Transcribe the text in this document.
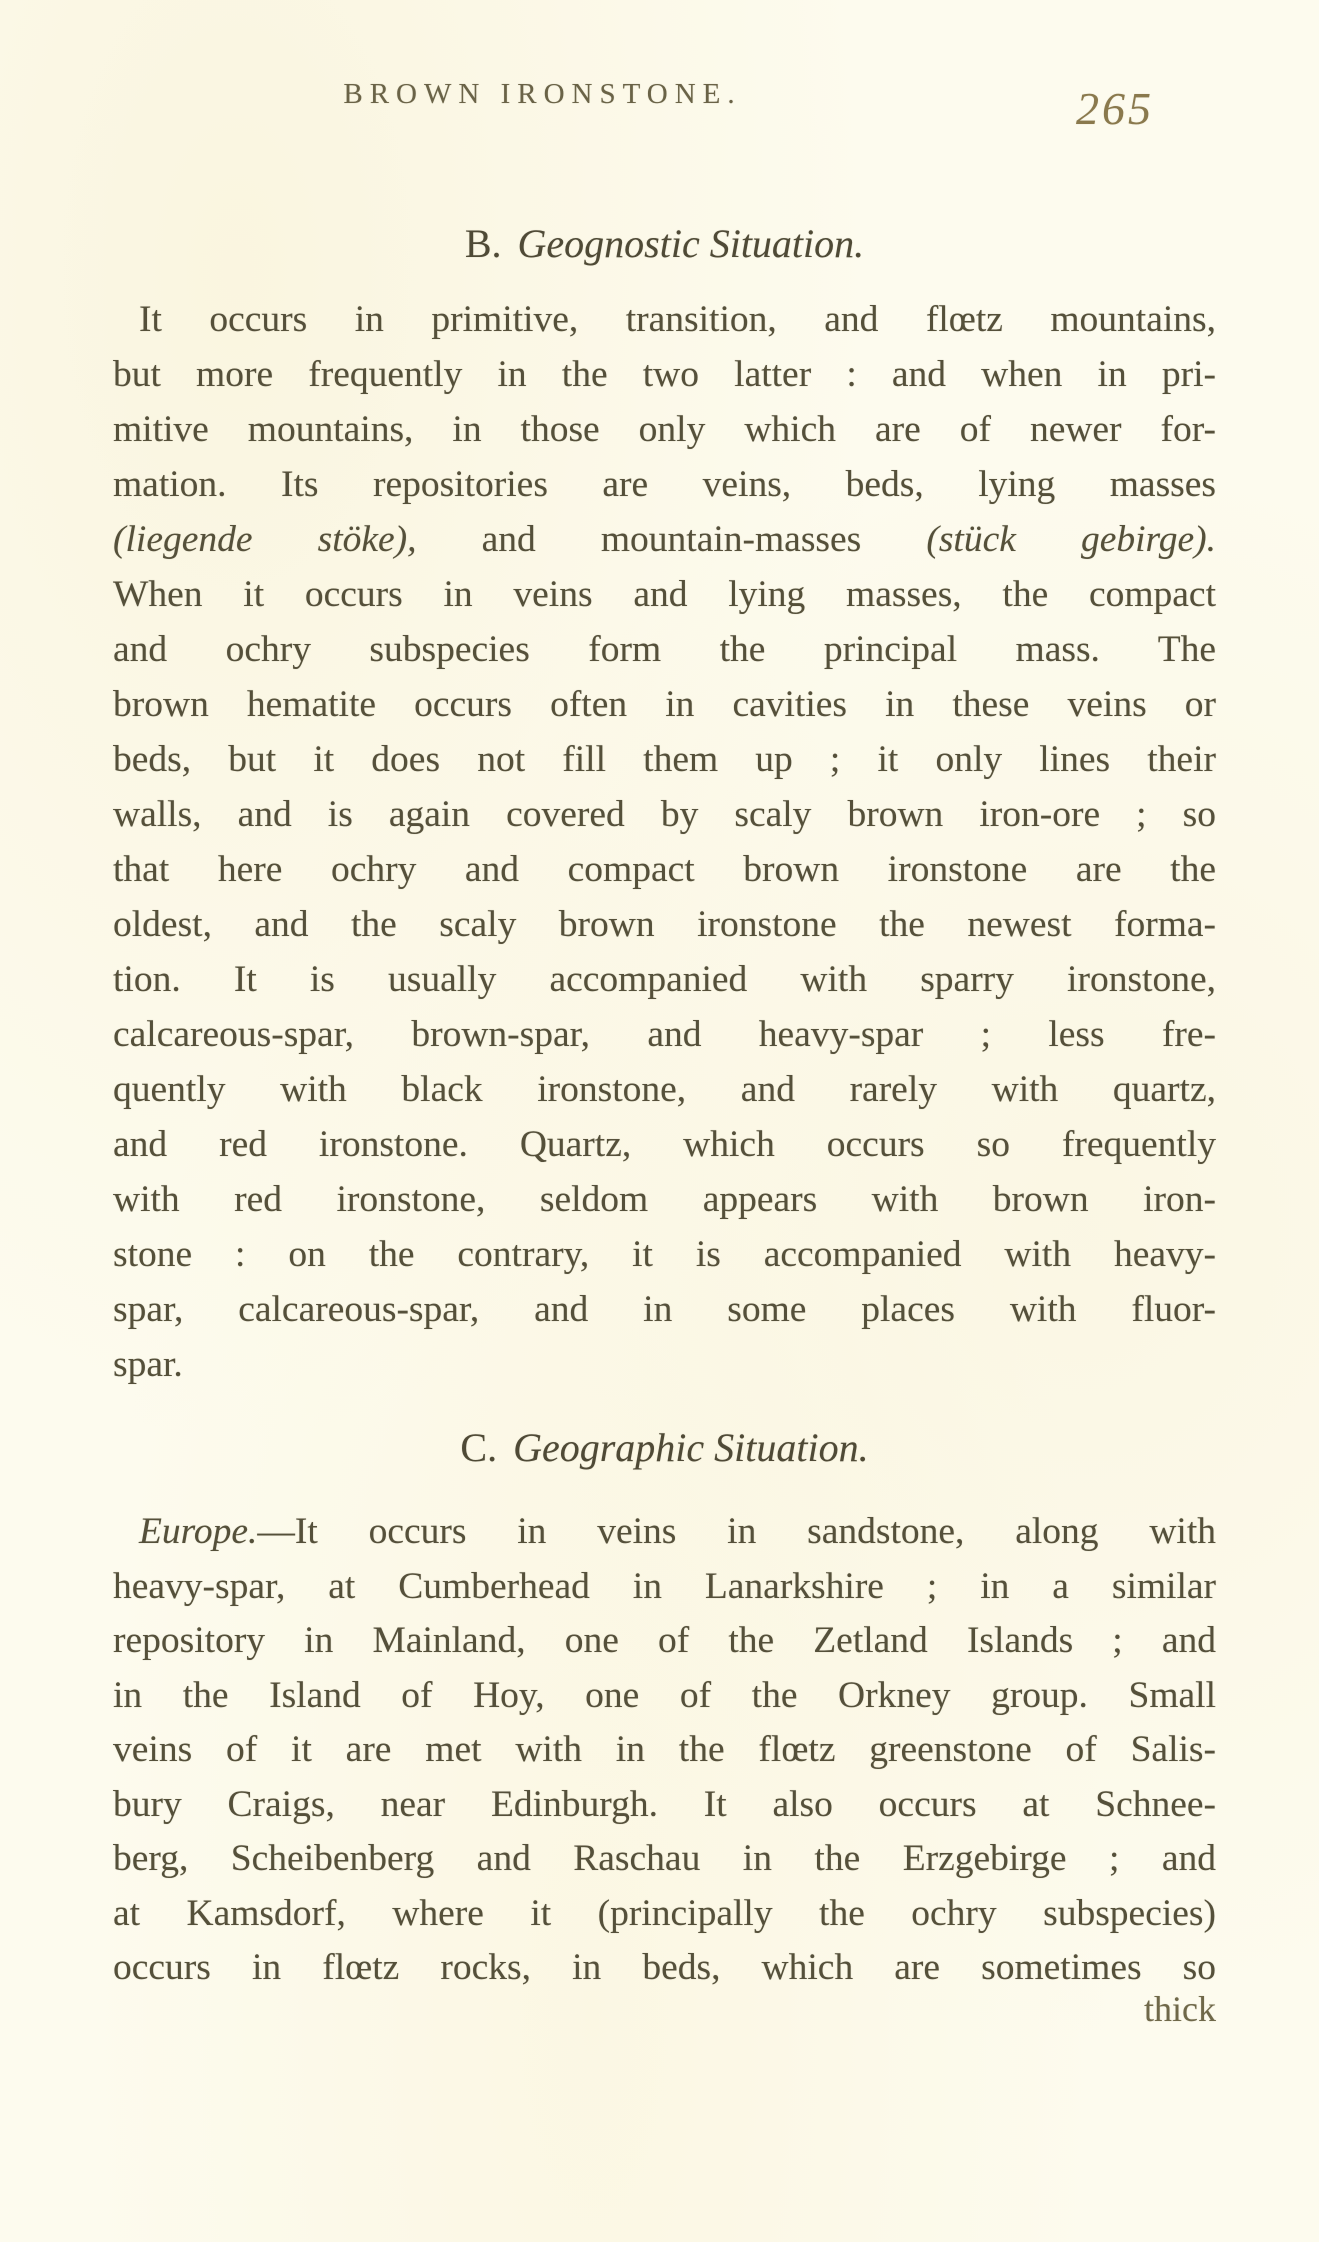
BROWN IRONSTONE.	265
B. Geognostic Situation.
It occurs in primitive, transition, and flœtz mountains,
but more frequently in the two latter : and when in pri-
mitive mountains, in those only which are of newer for-
mation. Its repositories are veins, beds, lying masses
(liegende stöke), and mountain-masses (stück gebirge).
When it occurs in veins and lying masses, the compact
and ochry subspecies form the principal mass. The
brown hematite occurs often in cavities in these veins or
beds, but it does not fill them up ; it only lines their
walls, and is again covered by scaly brown iron-ore ; so
that here ochry and compact brown ironstone are the
oldest, and the scaly brown ironstone the newest forma-
tion. It is usually accompanied with sparry ironstone,
calcareous-spar, brown-spar, and heavy-spar ; less fre-
quently with black ironstone, and rarely with quartz,
and red ironstone. Quartz, which occurs so frequently
with red ironstone, seldom appears with brown iron-
stone : on the contrary, it is accompanied with heavy-
spar, calcareous-spar, and in some places with fluor-
spar.
C. Geographic Situation.
Europe.—It occurs in veins in sandstone, along with
heavy-spar, at Cumberhead in Lanarkshire ; in a similar
repository in Mainland, one of the Zetland Islands ; and
in the Island of Hoy, one of the Orkney group. Small
veins of it are met with in the flœtz greenstone of Salis-
bury Craigs, near Edinburgh. It also occurs at Schnee-
berg, Scheibenberg and Raschau in the Erzgebirge ; and
at Kamsdorf, where it (principally the ochry subspecies)
occurs in flœtz rocks, in beds, which are sometimes so
thick
